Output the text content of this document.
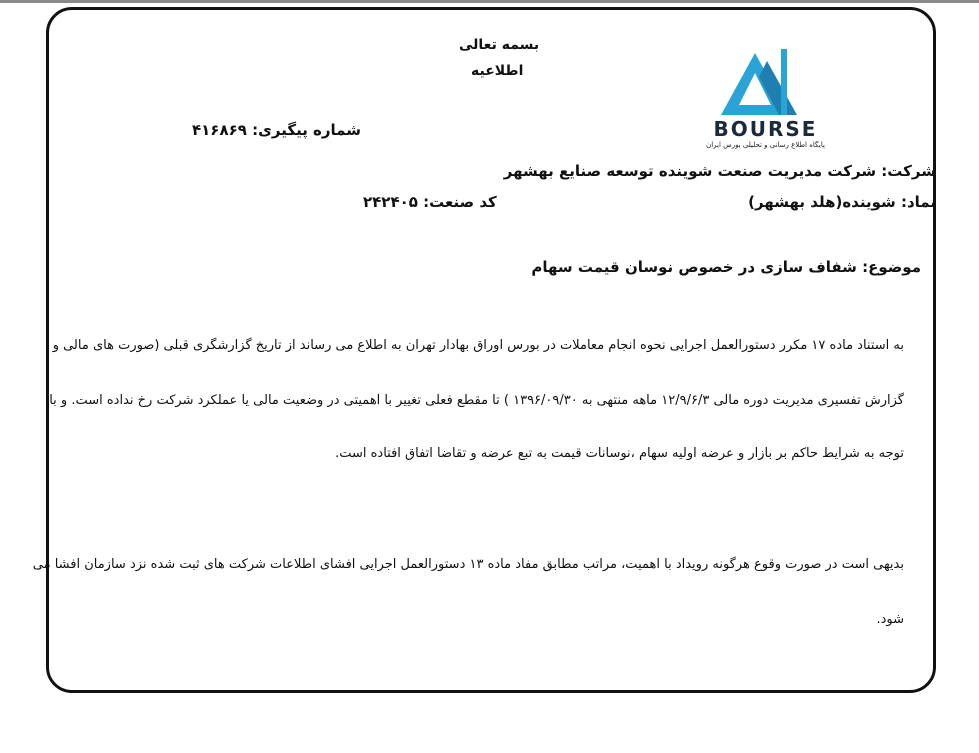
بسمه تعالی
اطلاعیه
شماره پیگیری: ۴۱۶۸۶۹	BOURSE
پایگاه اطلاع رسانی و تحلیلی بورس ایران
شرکت: شرکت مدیریت صنعت شوینده توسعه صنایع بهشهر
نماد: شوینده(هلد بهشهر)
کد صنعت: ۲۴۲۴۰۵
موضوع: شفاف سازی در خصوص نوسان قیمت سهام
به استناد ماده ۱۷ مکرر دستورالعمل اجرایی نحوه انجام معاملات در بورس اوراق بهادار تهران به اطلاع می رساند از تاریخ گزارشگری قبلی (صورت های مالی و
گزارش تفسیری مدیریت دوره مالی ۱۲/۹/۶/۳ ماهه منتهی به ۱۳۹۶/۰۹/۳۰ ) تا مقطع فعلی تغییر با اهمیتی در وضعیت مالی یا عملکرد شرکت رخ نداده است. و با
توجه به شرایط حاکم بر بازار و عرضه اولیه سهام ،نوسانات قیمت به تبع عرضه و تقاضا اتفاق افتاده است.
بدیهی است در صورت وقوع هرگونه رویداد با اهمیت، مراتب مطابق مفاد ماده ۱۳ دستورالعمل اجرایی افشای اطلاعات شرکت های ثبت شده نزد سازمان افشا می
شود.
